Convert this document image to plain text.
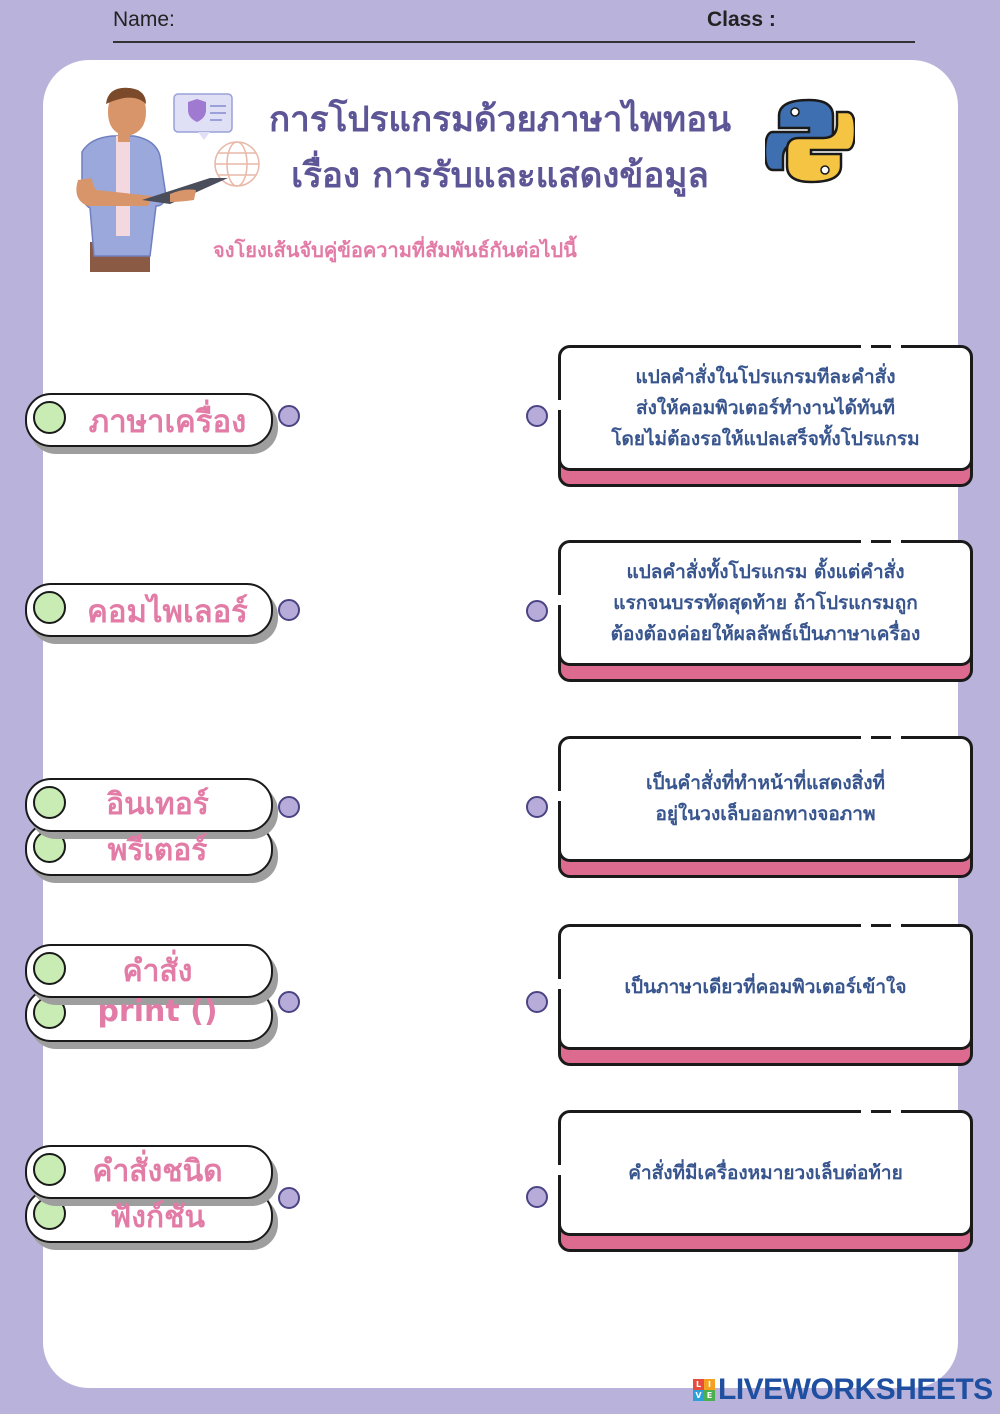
Name:	Class :
การโปรแกรมด้วยภาษาไพทอน
เรื่อง การรับและแสดงข้อมูล
จงโยงเส้นจับคู่ข้อความที่สัมพันธ์กันต่อไปนี้
ภาษาเครื่อง
คอมไพเลอร์
อินเทอร์
พรีเตอร์
คำสั่ง
print ()
คำสั่งชนิด
ฟังก์ชัน
แปลคำสั่งในโปรแกรมทีละคำสั่ง
ส่งให้คอมพิวเตอร์ทำงานได้ทันที
โดยไม่ต้องรอให้แปลเสร็จทั้งโปรแกรม
แปลคำสั่งทั้งโปรแกรม ตั้งแต่คำสั่ง
แรกจนบรรทัดสุดท้าย ถ้าโปรแกรมถูก
ต้องต้องค่อยให้ผลลัพธ์เป็นภาษาเครื่อง
เป็นคำสั่งที่ทำหน้าที่แสดงสิ่งที่
อยู่ในวงเล็บออกทางจอภาพ
เป็นภาษาเดียวที่คอมพิวเตอร์เข้าใจ
คำสั่งที่มีเครื่องหมายวงเล็บต่อท้าย
L I
V E LIVEWORKSHEETS
